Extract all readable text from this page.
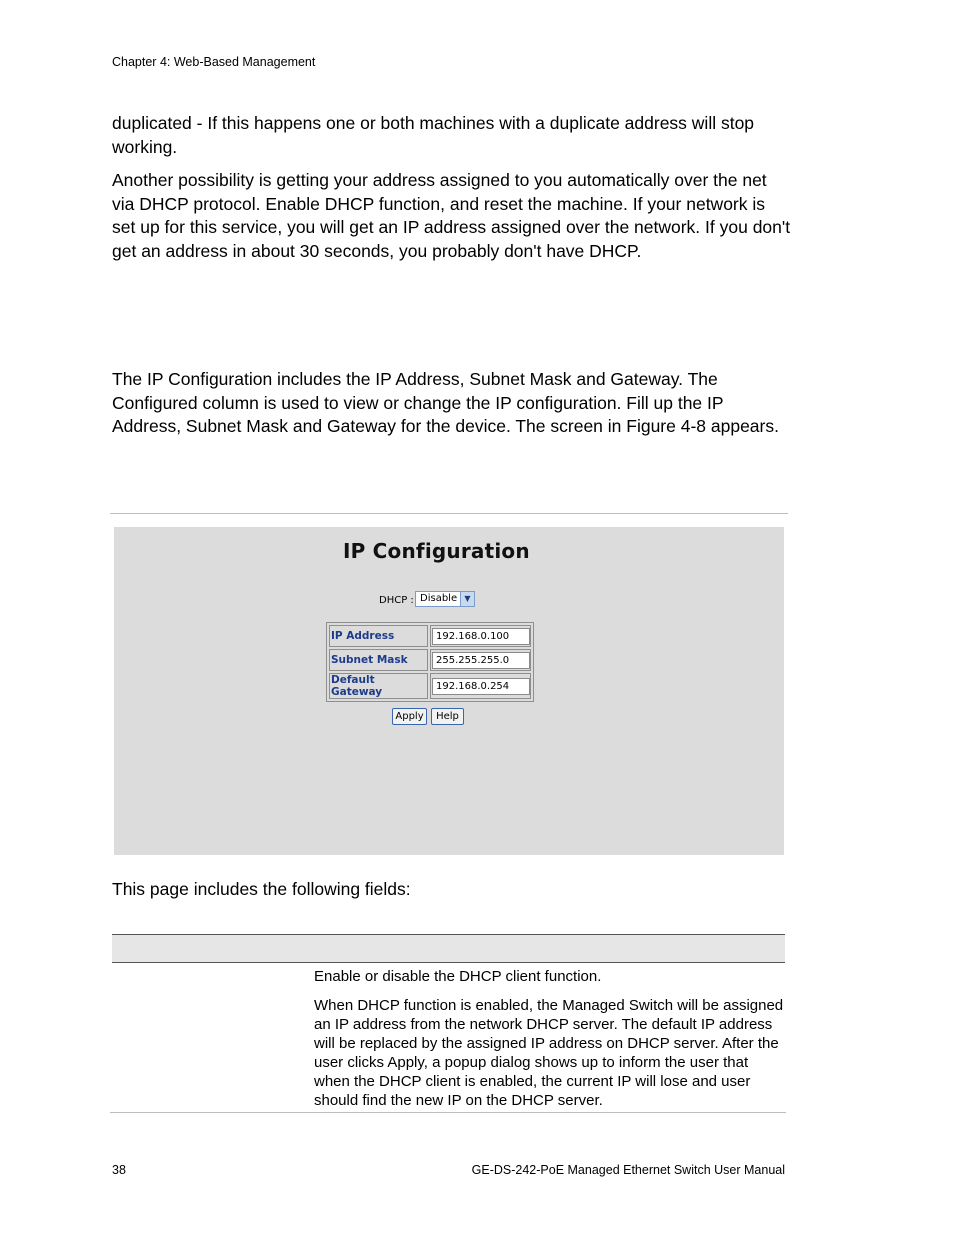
Chapter 4: Web-Based Management

duplicated - If this happens one or both machines with a duplicate address will stop working.

Another possibility is getting your address assigned to you automatically over the net via DHCP protocol. Enable DHCP function, and reset the machine. If your network is set up for this service, you will get an IP address assigned over the network. If you don't get an address in about 30 seconds, you probably don't have DHCP.

The IP Configuration includes the IP Address, Subnet Mask and Gateway. The Configured column is used to view or change the IP configuration. Fill up the IP Address, Subnet Mask and Gateway for the device. The screen in Figure 4-8 appears.

IP Configuration
DHCP : Disable ▼
IP Address	192.168.0.100

Subnet Mask	255.255.255.0

Default Gateway	192.168.0.254
Apply	Help

This page includes the following fields:

Enable or disable the DHCP client function.

When DHCP function is enabled, the Managed Switch will be assigned an IP address from the network DHCP server. The default IP address will be replaced by the assigned IP address on DHCP server. After the user clicks Apply, a popup dialog shows up to inform the user that when the DHCP client is enabled, the current IP will lose and user should find the new IP on the DHCP server.

38	GE-DS-242-PoE Managed Ethernet Switch User Manual
